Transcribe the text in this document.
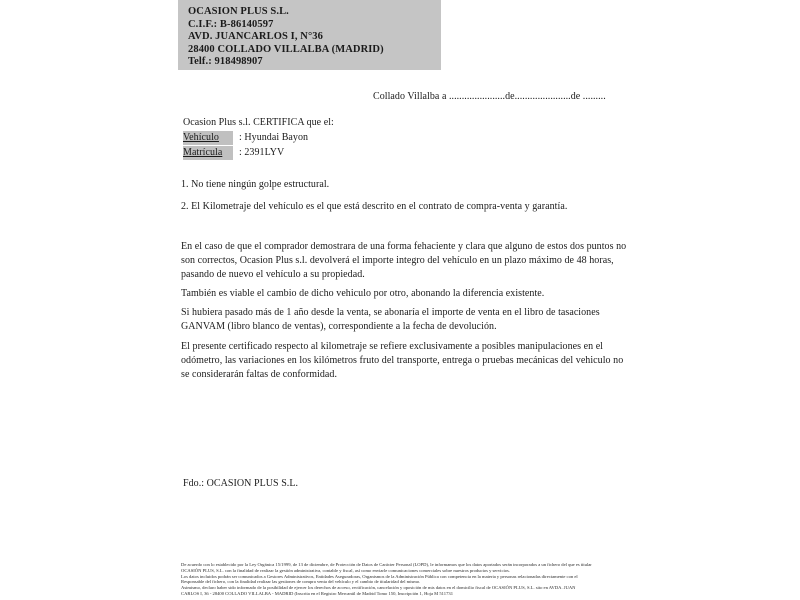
OCASION PLUS S.L.
C.I.F.: B-86140597
AVD. JUANCARLOS I, N°36
28400 COLLADO VILLALBA (MADRID)
Telf.: 918498907
Collado Villalba a ......................de......................de .........
Ocasion Plus s.l. CERTIFICA que el:
Vehículo : Hyundai Bayon
Matrícula : 2391LYV
1. No tiene ningún golpe estructural.
2. El Kilometraje del vehículo es el que está descrito en el contrato de compra-venta y garantía.
En el caso de que el comprador demostrara de una forma fehaciente y clara que alguno de estos dos puntos no son correctos, Ocasion Plus s.l. devolverá el importe integro del vehículo en un plazo máximo de 48 horas, pasando de nuevo el vehículo a su propiedad.
También es viable el cambio de dicho vehiculo por otro, abonando la diferencia existente.
Si hubiera pasado más de 1 año desde la venta, se abonaría el importe de venta en el libro de tasaciones GANVAM (libro blanco de ventas), correspondiente a la fecha de devolución.
El presente certificado respecto al kilometraje se refiere exclusivamente a posibles manipulaciones en el odómetro, las variaciones en los kilómetros fruto del transporte, entrega o pruebas mecánicas del vehiculo no se considerarán faltas de conformidad.
Fdo.: OCASION PLUS S.L.
De acuerdo con lo establecido por la Ley Orgánica 15/1999, de 13 de diciembre, de Protección de Datos de Carácter Personal (LOPD), le informamos que los datos aportados serán incorporados a un fichero del que es titular
OCASIÓN PLUS, S.L. con la finalidad de realizar la gestión administrativa, contable y fiscal, así como enviarle comunicaciones comerciales sobre nuestros productos y servicios.
Los datos incluidos podrán ser comunicados a Gestores Administrativos, Entidades Aseguradoras, Organismos de la Administración Pública con competencia en la materia y personas relacionadas directamente con el
Responsable del fichero, con la finalidad realizar las gestiones de compra venta del vehículo y el cambio de titularidad del mismo.
Asimismo, declaro haber sido informado de la posibilidad de ejercer los derechos de acceso, rectificación, cancelación y oposición de mis datos en el domicilio fiscal de OCASIÓN PLUS, S.L. sito en AVDA. JUAN
CARLOS I, 36 - 28400 COLLADO VILLALBA - MADRID (Inscrita en el Registro Mercantil de Madrid Tomo 150, Inscripción 1, Hoja M 511731
